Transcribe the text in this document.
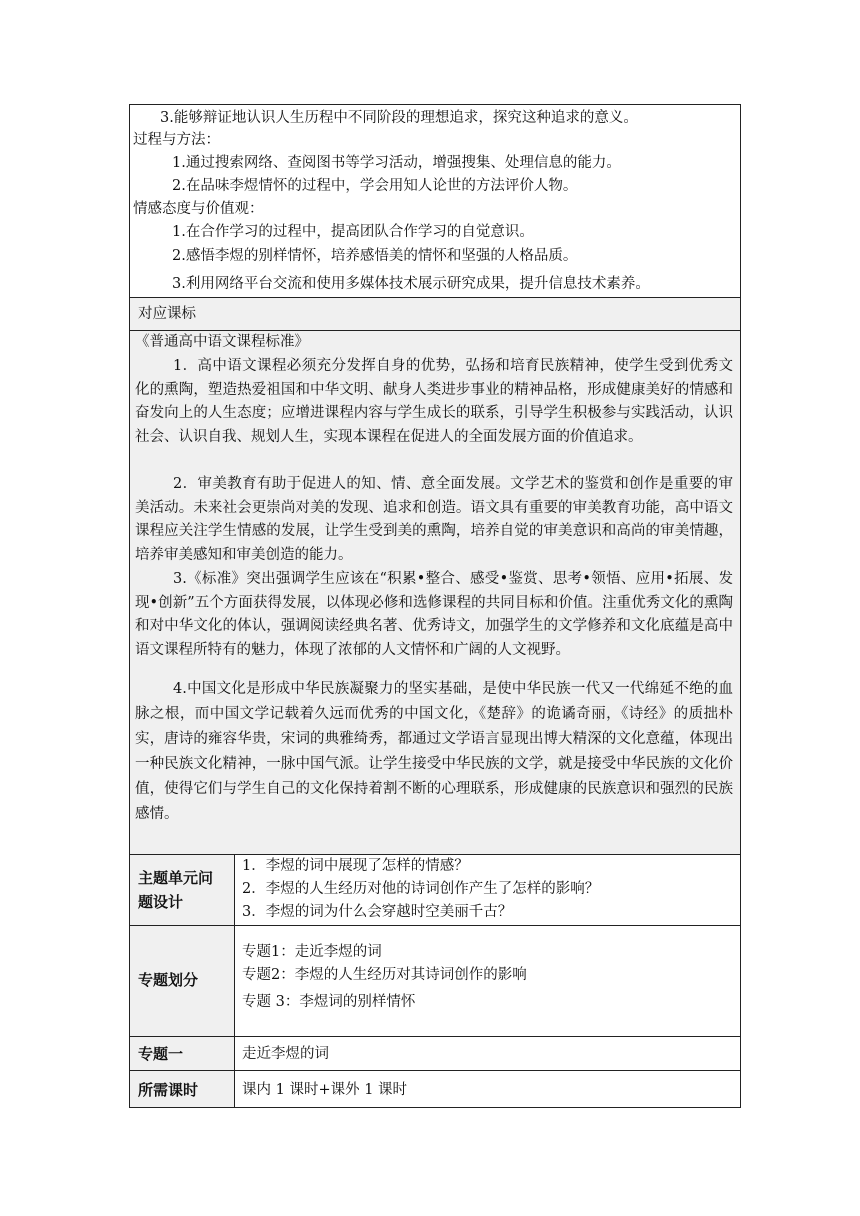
3.能够辩证地认识人生历程中不同阶段的理想追求，探究这种追求的意义。
过程与方法：
1.通过搜索网络、查阅图书等学习活动，增强搜集、处理信息的能力。
2.在品味李煜情怀的过程中，学会用知人论世的方法评价人物。
情感态度与价值观：
1.在合作学习的过程中，提高团队合作学习的自觉意识。
2.感悟李煜的别样情怀，培养感悟美的情怀和坚强的人格品质。
3.利用网络平台交流和使用多媒体技术展示研究成果，提升信息技术素养。
对应课标
《普通高中语文课程标准》
1．高中语文课程必须充分发挥自身的优势，弘扬和培育民族精神，使学生受到优秀文化的熏陶，塑造热爱祖国和中华文明、献身人类进步事业的精神品格，形成健康美好的情感和奋发向上的人生态度；应增进课程内容与学生成长的联系，引导学生积极参与实践活动，认识社会、认识自我、规划人生，实现本课程在促进人的全面发展方面的价值追求。
2．审美教育有助于促进人的知、情、意全面发展。文学艺术的鉴赏和创作是重要的审美活动。未来社会更崇尚对美的发现、追求和创造。语文具有重要的审美教育功能，高中语文课程应关注学生情感的发展，让学生受到美的熏陶，培养自觉的审美意识和高尚的审美情趣，培养审美感知和审美创造的能力。
3.《标准》突出强调学生应该在“积累•整合、感受•鉴赏、思考•领悟、应用•拓展、发现•创新”五个方面获得发展，以体现必修和选修课程的共同目标和价值。注重优秀文化的熏陶和对中华文化的体认，强调阅读经典名著、优秀诗文，加强学生的文学修养和文化底蕴是高中语文课程所特有的魅力，体现了浓郁的人文情怀和广阔的人文视野。
4.中国文化是形成中华民族凝聚力的坚实基础，是使中华民族一代又一代绵延不绝的血脉之根，而中国文学记载着久远而优秀的中国文化，《楚辞》的诡谲奇丽，《诗经》的质拙朴实，唐诗的雍容华贵，宋词的典雅绮秀，都通过文学语言显现出博大精深的文化意蕴，体现出一种民族文化精神，一脉中国气派。让学生接受中华民族的文学，就是接受中华民族的文化价值，使得它们与学生自己的文化保持着割不断的心理联系，形成健康的民族意识和强烈的民族感情。
主题单元问
题设计
1．李煜的词中展现了怎样的情感？
2．李煜的人生经历对他的诗词创作产生了怎样的影响？
3．李煜的词为什么会穿越时空美丽千古？
专题划分
专题1：走近李煜的词
专题2：李煜的人生经历对其诗词创作的影响
专题 3：李煜词的别样情怀
专题一	走近李煜的词
所需课时	课内 1 课时+课外 1 课时
